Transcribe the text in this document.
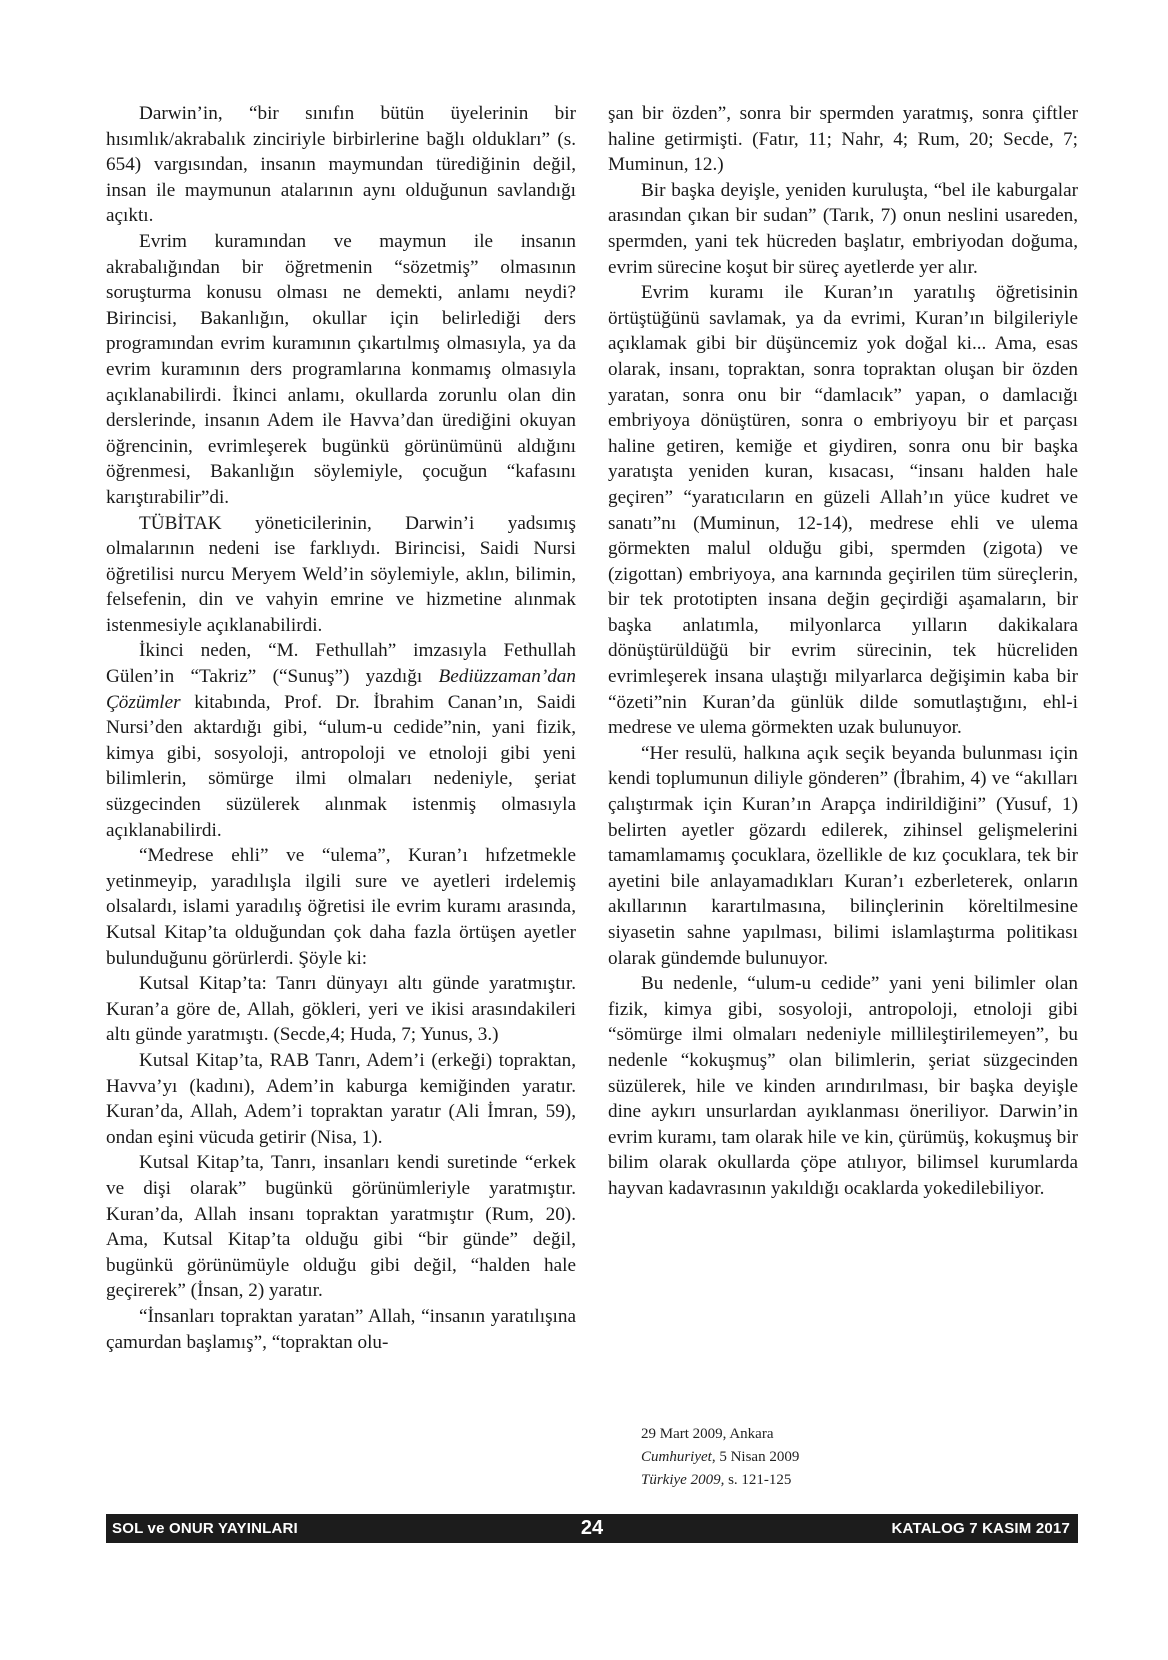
Darwin’in, “bir sınıfın bütün üyelerinin bir hısımlık/akrabalık zinciriyle birbirlerine bağlı oldukları” (s. 654) vargısından, insanın maymundan türediğinin değil, insan ile maymunun atalarının aynı olduğunun savlandığı açıktı.

Evrim kuramından ve maymun ile insanın akrabalığından bir öğretmenin “sözetmiş” olmasının soruşturma konusu olması ne demekti, anlamı neydi? Birincisi, Bakanlığın, okullar için belirlediği ders programından evrim kuramının çıkartılmış olmasıyla, ya da evrim kuramının ders programlarına konmamış olmasıyla açıklanabilirdi. İkinci anlamı, okullarda zorunlu olan din derslerinde, insanın Adem ile Havva’dan ürediğini okuyan öğrencinin, evrimleşerek bugünkü görünümünü aldığını öğrenmesi, Bakanlığın söylemiyle, çocuğun “kafasını karıştırabilir”di.

TÜBİTAK yöneticilerinin, Darwin’i yadsımış olmalarının nedeni ise farklıydı. Birincisi, Saidi Nursi öğretilisi nurcu Meryem Weld’in söylemiyle, aklın, bilimin, felsefenin, din ve vahyin emrine ve hizmetine alınmak istenmesiyle açıklanabilirdi.

İkinci neden, “M. Fethullah” imzasıyla Fethullah Gülen’in “Takriz” (“Sunuş”) yazdığı Bediüzzaman’dan Çözümler kitabında, Prof. Dr. İbrahim Canan’ın, Saidi Nursi’den aktardığı gibi, “ulum-u cedide”nin, yani fizik, kimya gibi, sosyoloji, antropoloji ve etnoloji gibi yeni bilimlerin, sömürge ilmi olmaları nedeniyle, şeriat süzgecinden süzülerek alınmak istenmiş olmasıyla açıklanabilirdi.

“Medrese ehli” ve “ulema”, Kuran’ı hıfzetmekle yetinmeyip, yaradılışla ilgili sure ve ayetleri irdelemiş olsalardı, islami yaradılış öğretisi ile evrim kuramı arasında, Kutsal Kitap’ta olduğundan çok daha fazla örtüşen ayetler bulunduğunu görürlerdi. Şöyle ki:

Kutsal Kitap’ta: Tanrı dünyayı altı günde yaratmıştır. Kuran’a göre de, Allah, gökleri, yeri ve ikisi arasındakileri altı günde yaratmıştı. (Secde,4; Huda, 7; Yunus, 3.)

Kutsal Kitap’ta, RAB Tanrı, Adem’i (erkeği) topraktan, Havva’yı (kadını), Adem’in kaburga kemiğinden yaratır. Kuran’da, Allah, Adem’i topraktan yaratır (Ali İmran, 59), ondan eşini vücuda getirir (Nisa, 1).

Kutsal Kitap’ta, Tanrı, insanları kendi suretinde “erkek ve dişi olarak” bugünkü görünümleriyle yaratmıştır. Kuran’da, Allah insanı topraktan yaratmıştır (Rum, 20). Ama, Kutsal Kitap’ta olduğu gibi “bir günde” değil, bugünkü görünümüyle olduğu gibi değil, “halden hale geçirerek” (İnsan, 2) yaratır.

“İnsanları topraktan yaratan” Allah, “insanın yaratılışına çamurdan başlamış”, “topraktan olu-

şan bir özden”, sonra bir spermden yaratmış, sonra çiftler haline getirmişti. (Fatır, 11; Nahr, 4; Rum, 20; Secde, 7; Muminun, 12.)

Bir başka deyişle, yeniden kuruluşta, “bel ile kaburgalar arasından çıkan bir sudan” (Tarık, 7) onun neslini usareden, spermden, yani tek hücreden başlatır, embriyodan doğuma, evrim sürecine koşut bir süreç ayetlerde yer alır.

Evrim kuramı ile Kuran’ın yaratılış öğretisinin örtüştüğünü savlamak, ya da evrimi, Kuran’ın bilgileriyle açıklamak gibi bir düşüncemiz yok doğal ki... Ama, esas olarak, insanı, topraktan, sonra topraktan oluşan bir özden yaratan, sonra onu bir “damlacık” yapan, o damlacığı embriyoya dönüştüren, sonra o embriyoyu bir et parçası haline getiren, kemiğe et giydiren, sonra onu bir başka yaratışta yeniden kuran, kısacası, “insanı halden hale geçiren” “yaratıcıların en güzeli Allah’ın yüce kudret ve sanatı”nı (Muminun, 12-14), medrese ehli ve ulema görmekten malul olduğu gibi, spermden (zigota) ve (zigottan) embriyoya, ana karnında geçirilen tüm süreçlerin, bir tek prototipten insana değin geçirdiği aşamaların, bir başka anlatımla, milyonlarca yılların dakikalara dönüştürüldüğü bir evrim sürecinin, tek hücreliden evrimleşerek insana ulaştığı milyarlarca değişimin kaba bir “özeti”nin Kuran’da günlük dilde somutlaştığını, ehl-i medrese ve ulema görmekten uzak bulunuyor.

“Her resulü, halkına açık seçik beyanda bulunması için kendi toplumunun diliyle gönderen” (İbrahim, 4) ve “akılları çalıştırmak için Kuran’ın Arapça indirildiğini” (Yusuf, 1) belirten ayetler gözardı edilerek, zihinsel gelişmelerini tamamlamamış çocuklara, özellikle de kız çocuklara, tek bir ayetini bile anlayamadıkları Kuran’ı ezberleterek, onların akıllarının karartılmasına, bilinçlerinin köreltilmesine siyasetin sahne yapılması, bilimi islamlaştırma politikası olarak gündemde bulunuyor.

Bu nedenle, “ulum-u cedide” yani yeni bilimler olan fizik, kimya gibi, sosyoloji, antropoloji, etnoloji gibi “sömürge ilmi olmaları nedeniyle millileştirilemeyen”, bu nedenle “kokuşmuş” olan bilimlerin, şeriat süzgecinden süzülerek, hile ve kinden arındırılması, bir başka deyişle dine aykırı unsurlardan ayıklanması öneriliyor. Darwin’in evrim kuramı, tam olarak hile ve kin, çürümüş, kokuşmuş bir bilim olarak okullarda çöpe atılıyor, bilimsel kurumlarda hayvan kadavrasının yakıldığı ocaklarda yokedilebiliyor.

29 Mart 2009, Ankara
Cumhuriyet, 5 Nisan 2009
Türkiye 2009, s. 121-125
SOL ve ONUR YAYINLARI	24	KATALOG 7 KASIM 2017
